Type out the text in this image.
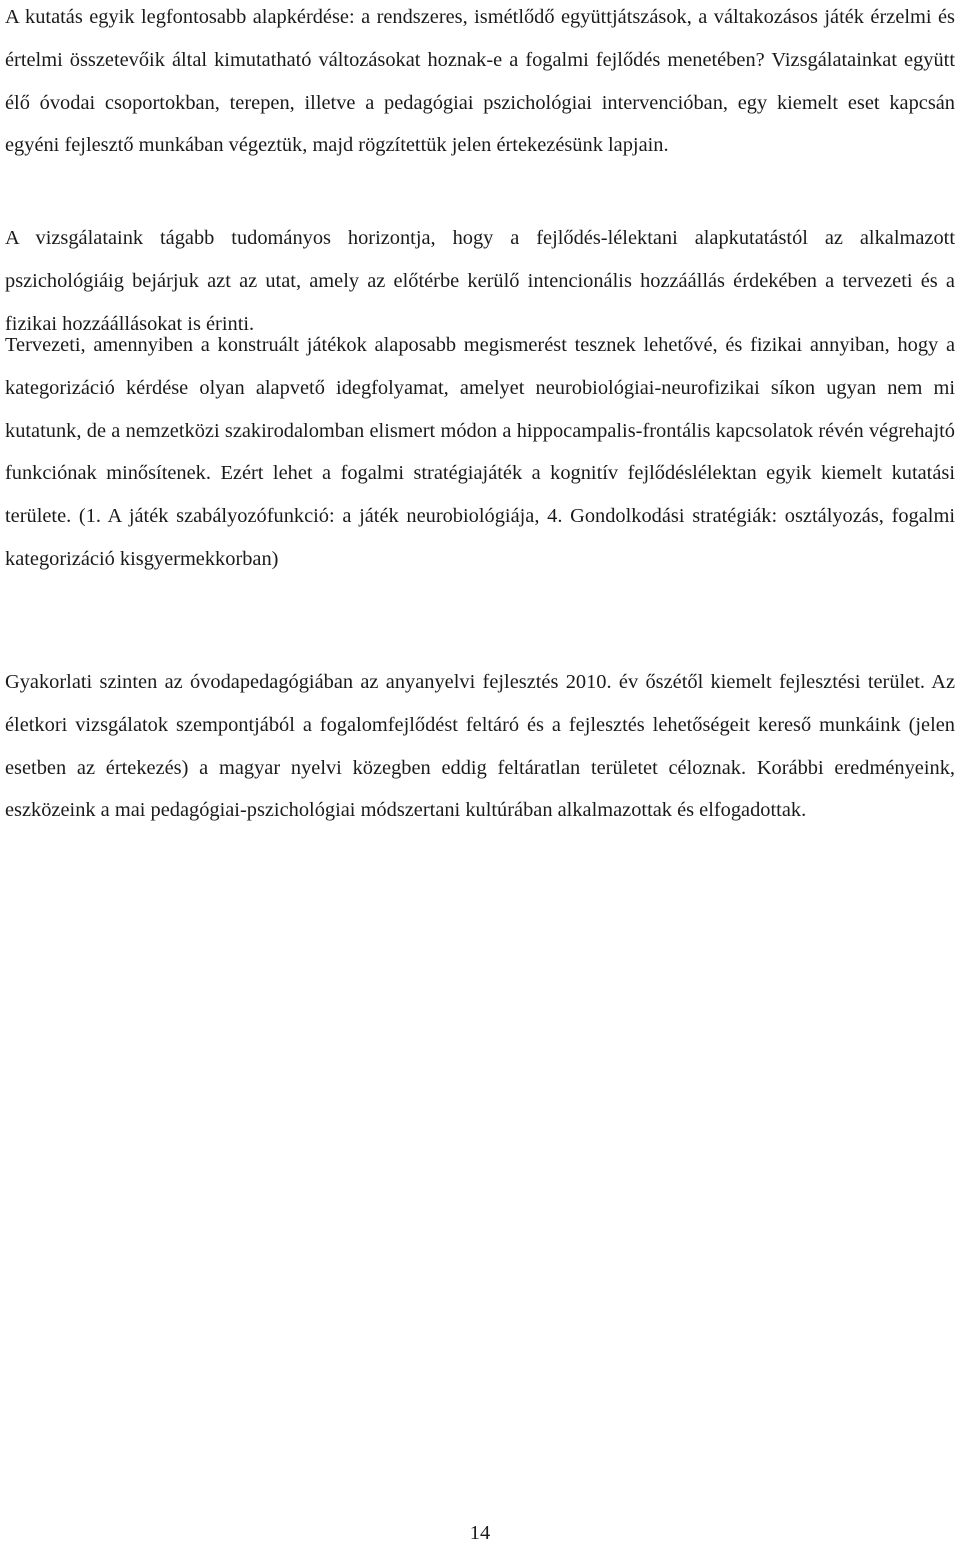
A kutatás egyik legfontosabb alapkérdése: a rendszeres, ismétlődő együttjátszások, a váltakozásos játék érzelmi és értelmi összetevőik által kimutatható változásokat hoznak-e a fogalmi fejlődés menetében? Vizsgálatainkat együtt élő óvodai csoportokban, terepen, illetve a pedagógiai pszichológiai intervencióban, egy kiemelt eset kapcsán egyéni fejlesztő munkában végeztük, majd rögzítettük jelen értekezésünk lapjain.

A vizsgálataink tágabb tudományos horizontja, hogy a fejlődés-lélektani alapkutatástól az alkalmazott pszichológiáig bejárjuk azt az utat, amely az előtérbe kerülő intencionális hozzáállás érdekében a tervezeti és a fizikai hozzáállásokat is érinti.

Tervezeti, amennyiben a konstruált játékok alaposabb megismerést tesznek lehetővé, és fizikai annyiban, hogy a kategorizáció kérdése olyan alapvető idegfolyamat, amelyet neurobiológiai-neurofizikai síkon ugyan nem mi kutatunk, de a nemzetközi szakirodalomban elismert módon a hippocampalis-frontális kapcsolatok révén végrehajtó funkciónak minősítenek. Ezért lehet a fogalmi stratégiajáték a kognitív fejlődéslélektan egyik kiemelt kutatási területe. (1. A játék szabályozófunkció: a játék neurobiológiája, 4. Gondolkodási stratégiák: osztályozás, fogalmi kategorizáció kisgyermekkorban)

Gyakorlati szinten az óvodapedagógiában az anyanyelvi fejlesztés 2010. év őszétől kiemelt fejlesztési terület. Az életkori vizsgálatok szempontjából a fogalomfejlődést feltáró és a fejlesztés lehetőségeit kereső munkáink (jelen esetben az értekezés) a magyar nyelvi közegben eddig feltáratlan területet céloznak. Korábbi eredményeink, eszközeink a mai pedagógiai-pszichológiai módszertani kultúrában alkalmazottak és elfogadottak.

14
